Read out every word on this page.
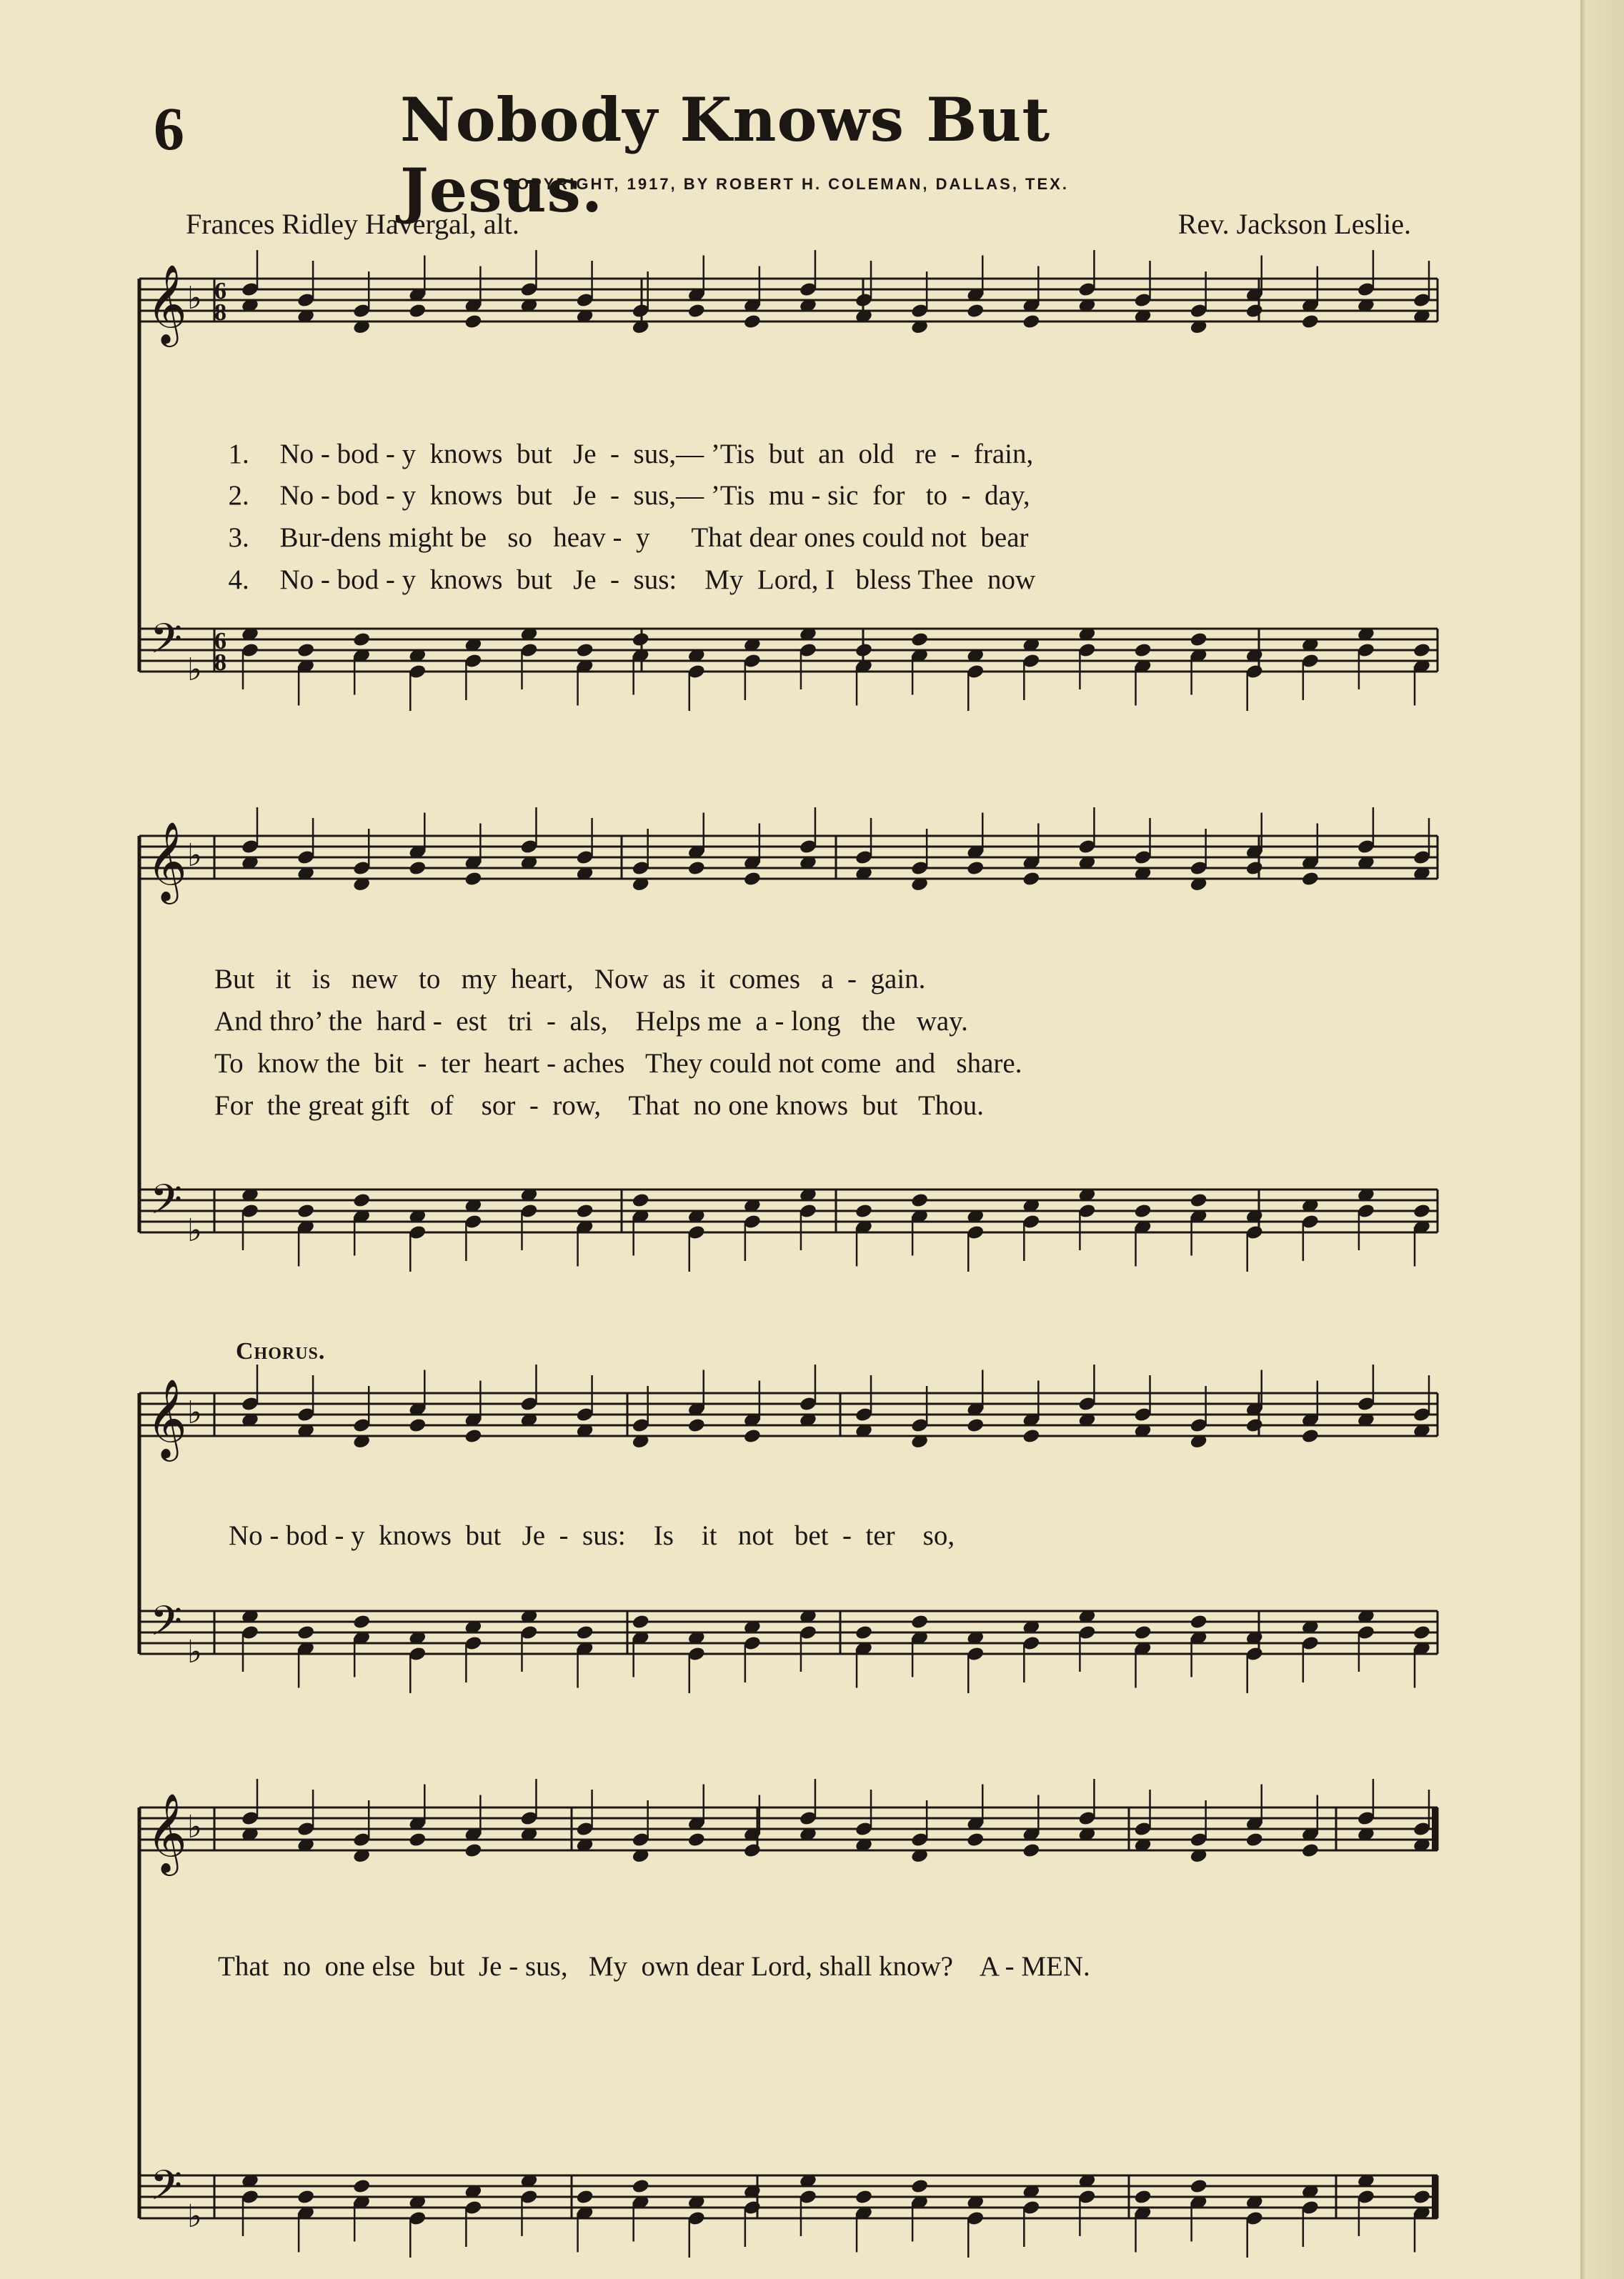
6	Nobody Knows But Jesus.
COPYRIGHT, 1917, BY ROBERT H. COLEMAN, DALLAS, TEX.
Frances Ridley Havergal, alt.	Rev. Jackson Leslie.
𝄞
𝄢
♭
♭
6
6
8
8
𝄞
𝄢
♭
♭
𝄞
𝄢
♭
♭
𝄞
𝄢
♭
♭

1. No - bod - y  knows  but   Je  -  sus,— ’Tis  but  an  old   re  -  frain,

2. No - bod - y  knows  but   Je  -  sus,— ’Tis  mu - sic  for   to  -  day,

3. Bur-dens might be   so   heav -  y      That dear ones could not  bear

4. No - bod - y  knows  but   Je  -  sus:    My  Lord, I   bless Thee  now

But   it   is   new   to   my  heart,   Now  as  it  comes   a  -  gain.
And thro’ the  hard -  est   tri  -  als,    Helps me  a - long   the   way.
To  know the  bit  -  ter  heart - aches   They could not come  and   share.
For  the great gift   of    sor  -  row,    That  no one knows  but   Thou.
Chorus.
No - bod - y  knows  but   Je  -  sus:    Is    it   not   bet  -  ter    so,
That  no  one else  but  Je - sus,   My  own dear Lord, shall know?    A - MEN.
